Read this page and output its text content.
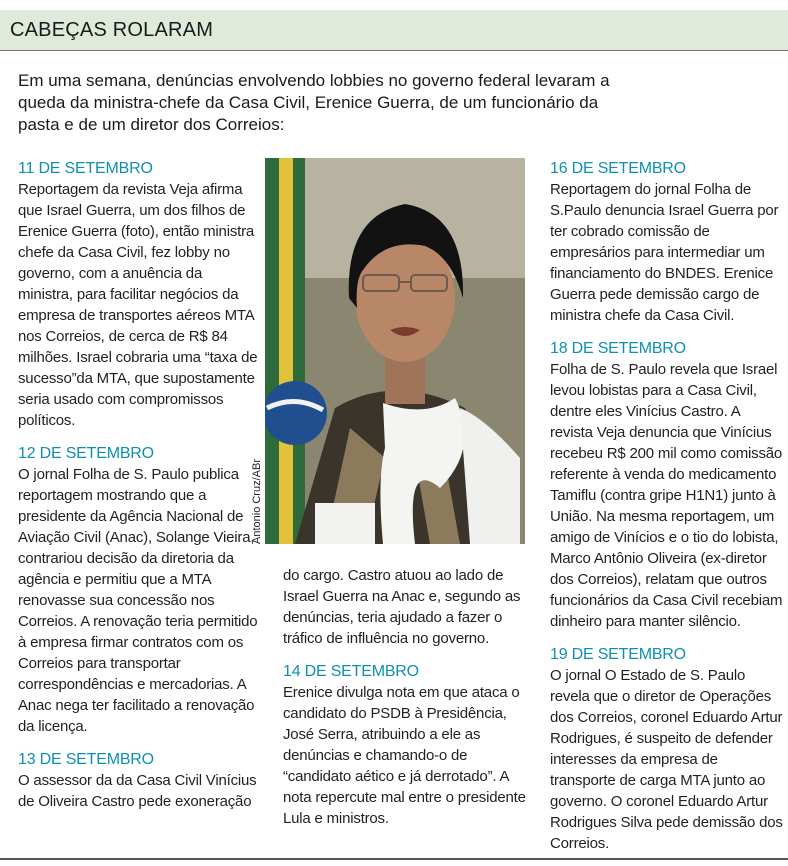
CABEÇAS ROLARAM

Em uma semana, denúncias envolvendo lobbies no governo federal levaram a queda da ministra-chefe da Casa Civil, Erenice Guerra, de um funcionário da pasta e de um diretor dos Correios:

11 DE SETEMBRO

Reportagem da revista Veja afirma que Israel Guerra, um dos filhos de Erenice Guerra (foto), então ministra chefe da Casa Civil, fez lobby no governo, com a anuência da ministra, para facilitar negócios da empresa de transportes aéreos MTA nos Correios, de cerca de R$ 84 milhões. Israel cobraria uma “taxa de sucesso”da MTA, que supostamente seria usado com compromissos políticos.

12 DE SETEMBRO

O jornal Folha de S. Paulo publica reportagem mostrando que a presidente da Agência Nacional de Aviação Civil (Anac), Solange Vieira, contrariou decisão da diretoria da agência e permitiu que a MTA renovasse sua concessão nos Correios. A renovação teria permitido à empresa firmar contratos com os Correios para transportar correspondências e mercadorias. A Anac nega ter facilitado a renovação da licença.

13 DE SETEMBRO

O assessor da da Casa Civil Vinícius de Oliveira Castro pede exoneração

Antonio Cruz/ABr

do cargo. Castro atuou ao lado de Israel Guerra na Anac e, segundo as denúncias, teria ajudado a fazer o tráfico de influência no governo.

14 DE SETEMBRO

Erenice divulga nota em que ataca o candidato do PSDB à Presidência, José Serra, atribuindo a ele as denúncias e chamando-o de “candidato aético e já derrotado”. A nota repercute mal entre o presidente Lula e ministros.

16 DE SETEMBRO

Reportagem do jornal Folha de S.Paulo denuncia Israel Guerra por ter cobrado comissão de empresários para intermediar um financiamento do BNDES. Erenice Guerra pede demissão cargo de ministra chefe da Casa Civil.

18 DE SETEMBRO

Folha de S. Paulo revela que Israel levou lobistas para a Casa Civil, dentre eles Vinícius Castro. A revista Veja denuncia que Vinícius recebeu R$ 200 mil como comissão referente à venda do medicamento Tamiflu (contra gripe H1N1) junto à União. Na mesma reportagem, um amigo de Vinícios e o tio do lobista, Marco Antônio Oliveira (ex-diretor dos Correios), relatam que outros funcionários da Casa Civil recebiam dinheiro para manter silêncio.

19 DE SETEMBRO

O jornal O Estado de S. Paulo revela que o diretor de Operações dos Correios, coronel Eduardo Artur Rodrigues, é suspeito de defender interesses da empresa de transporte de carga MTA junto ao governo. O coronel Eduardo Artur Rodrigues Silva pede demissão dos Correios.
